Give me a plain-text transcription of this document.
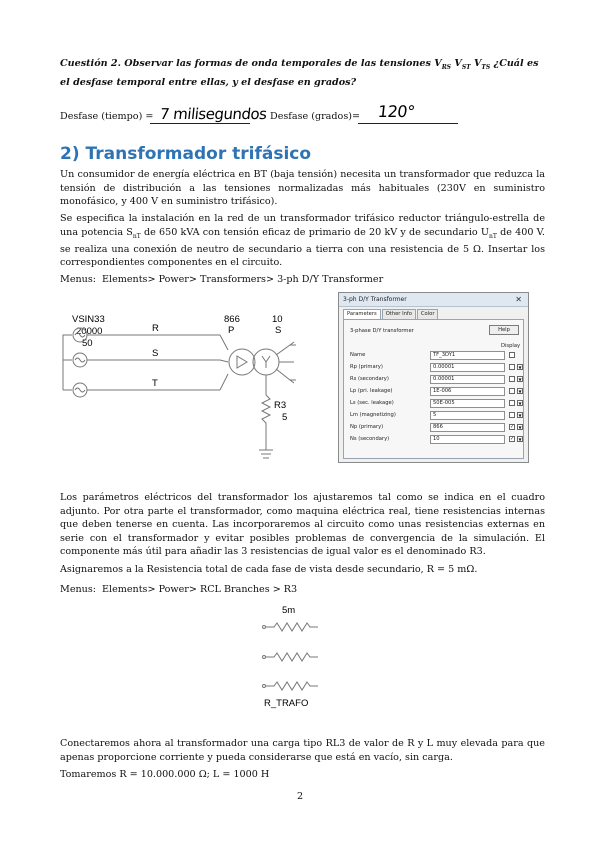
Cuestión 2. Observar las formas de onda temporales de las tensiones $V_{RS}$ $V_{ST}$ $V_{TS}$ ¿Cuál es el desfase temporal entre ellas, y el desfase en grados?
Desfase (tiempo) = 7 milisegundos Desfase (grados)= 120°
2) Transformador trifásico

Un consumidor de energía eléctrica en BT (baja tensión) necesita un transformador que reduzca la tensión de distribución a las tensiones normalizadas más habituales (230V en suministro monofásico, y 400 V en suministro trifásico).

Se especifica la instalación en la red de un transformador trifásico reductor triángulo-estrella de una potencia $S_{nT}$ de 650 kVA con tensión eficaz de primario de 20 kV y de secundario $U_{nT}$ de 400 V. se realiza una conexión de neutro de secundario a tierra con una resistencia de 5 Ω. Insertar los correspondientes componentes en el circuito.

Menus: Elements> Power> Transformers> 3-ph D/Y Transformer
VSIN33
20000
50
R
S
T
866
P
10
S
R3
5
3-ph D/Y Transformer	✕
Parameters	Other Info	Color
3-phase D/Y transformer	Help
Display
Name	TF_3DY1
Rp (primary)	0.00001	▼
Rs (secondary)	0.00001	▼
Lp (pri. leakage)	1E-006	▼
Ls (sec. leakage)	50E-005	▼
Lm (magnetizing)	5	▼
Np (primary)	866	✓	▼
Ns (secondary)	10	✓	▼

Los parámetros eléctricos del transformador los ajustaremos tal como se indica en el cuadro adjunto. Por otra parte el transformador, como maquina eléctrica real, tiene resistencias internas que deben tenerse en cuenta. Las incorporaremos al circuito como unas resistencias externas en serie con el transformador y evitar posibles problemas de convergencia de la simulación. El componente más útil para añadir las 3 resistencias de igual valor es el denominado R3.

Asignaremos a la Resistencia total de cada fase de vista desde secundario, R = 5 mΩ.

Menus: Elements> Power> RCL Branches > R3
5m
R_TRAFO

Conectaremos ahora al transformador una carga tipo RL3 de valor de R y L muy elevada para que apenas proporcione corriente y pueda considerarse que está en vacío, sin carga.

Tomaremos R = 10.000.000 Ω; L = 1000 H

2
